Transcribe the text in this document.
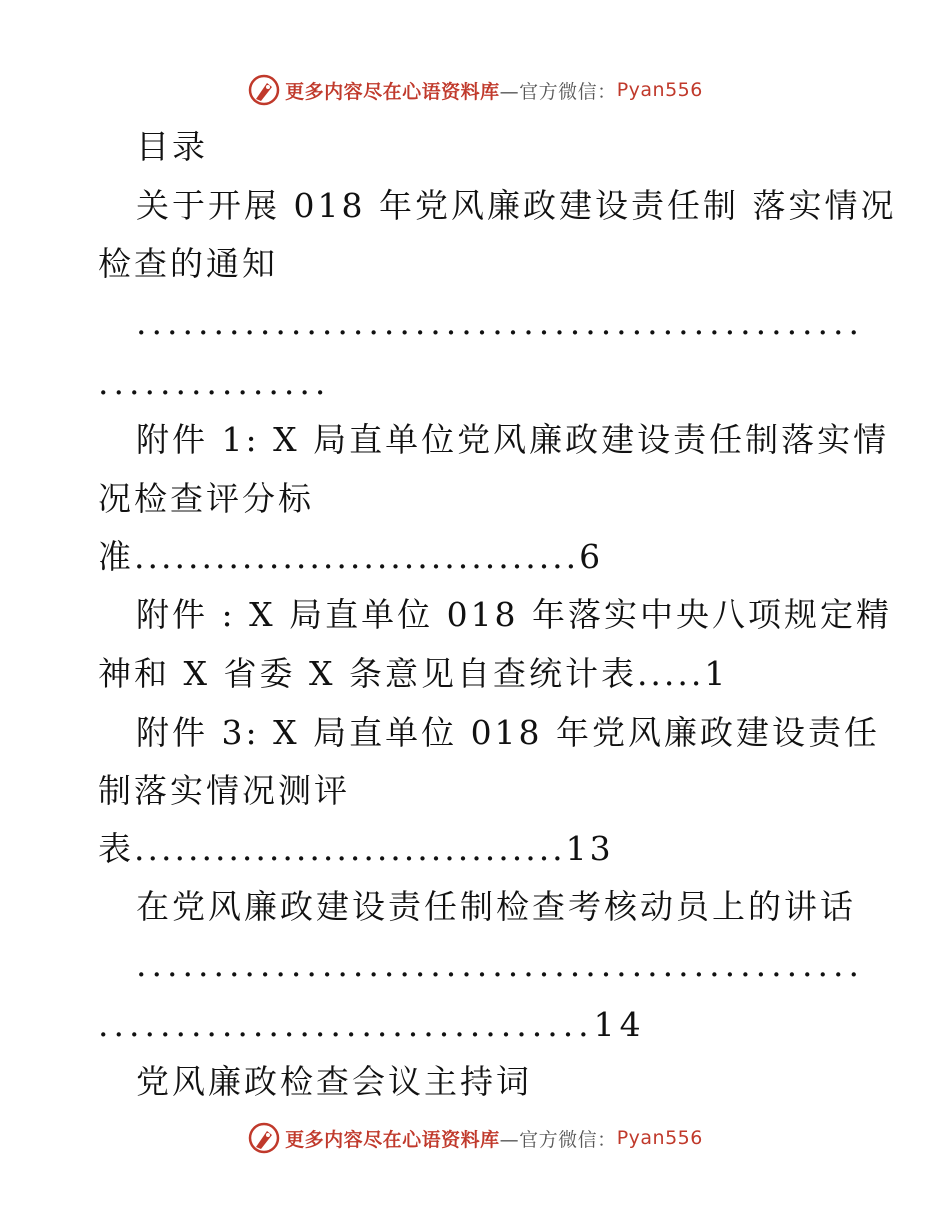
更多内容尽在心语资料库 —官方微信： Pyan556
目录
关于开展 018 年党风廉政建设责任制 落实情况
检查的通知
...............................................
...............
附件 1: X 局直单位党风廉政建设责任制落实情
况检查评分标
准.................................6
附件 : X 局直单位 018 年落实中央八项规定精
神和 X 省委 X 条意见自查统计表.....1
附件 3: X 局直单位 018 年党风廉政建设责任
制落实情况测评
表................................13
在党风廉政建设责任制检查考核动员上的讲话
...............................................
................................14
党风廉政检查会议主持词
更多内容尽在心语资料库 —官方微信： Pyan556
